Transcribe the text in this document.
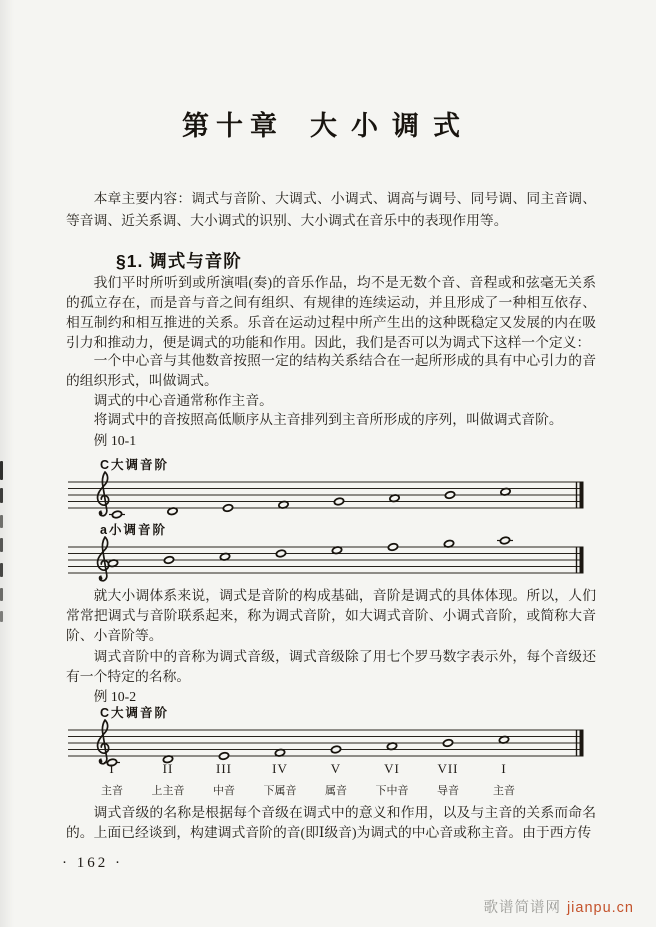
第十章 大小调式

本章主要内容：调式与音阶、大调式、小调式、调高与调号、同号调、同主音调、等音调、近关系调、大小调式的识别、大小调式在音乐中的表现作用等。

§1. 调式与音阶

我们平时所听到或所演唱(奏)的音乐作品，均不是无数个音、音程或和弦毫无关系的孤立存在，而是音与音之间有组织、有规律的连续运动，并且形成了一种相互依存、相互制约和相互推进的关系。乐音在运动过程中所产生出的这种既稳定又发展的内在吸引力和推动力，便是调式的功能和作用。因此，我们是否可以为调式下这样一个定义：

一个中心音与其他数音按照一定的结构关系结合在一起所形成的具有中心引力的音的组织形式，叫做调式。

调式的中心音通常称作主音。

将调式中的音按照高低顺序从主音排列到主音所形成的序列，叫做调式音阶。

例 10-1

C大调音阶
a小调音阶

就大小调体系来说，调式是音阶的构成基础，音阶是调式的具体体现。所以，人们常常把调式与音阶联系起来，称为调式音阶，如大调式音阶、小调式音阶，或简称大音阶、小音阶等。

调式音阶中的音称为调式音级，调式音级除了用七个罗马数字表示外，每个音级还有一个特定的名称。

例 10-2

C大调音阶
I	II	III	IV	V	VI	VII	I
主音	上主音	中音	下属音	属音	下中音	导音	主音

调式音级的名称是根据每个音级在调式中的意义和作用，以及与主音的关系而命名的。上面已经谈到，构建调式音阶的音(即Ⅰ级音)为调式的中心音或称主音。由于西方传

· 162 ·
歌谱简谱网 jianpu.cn
